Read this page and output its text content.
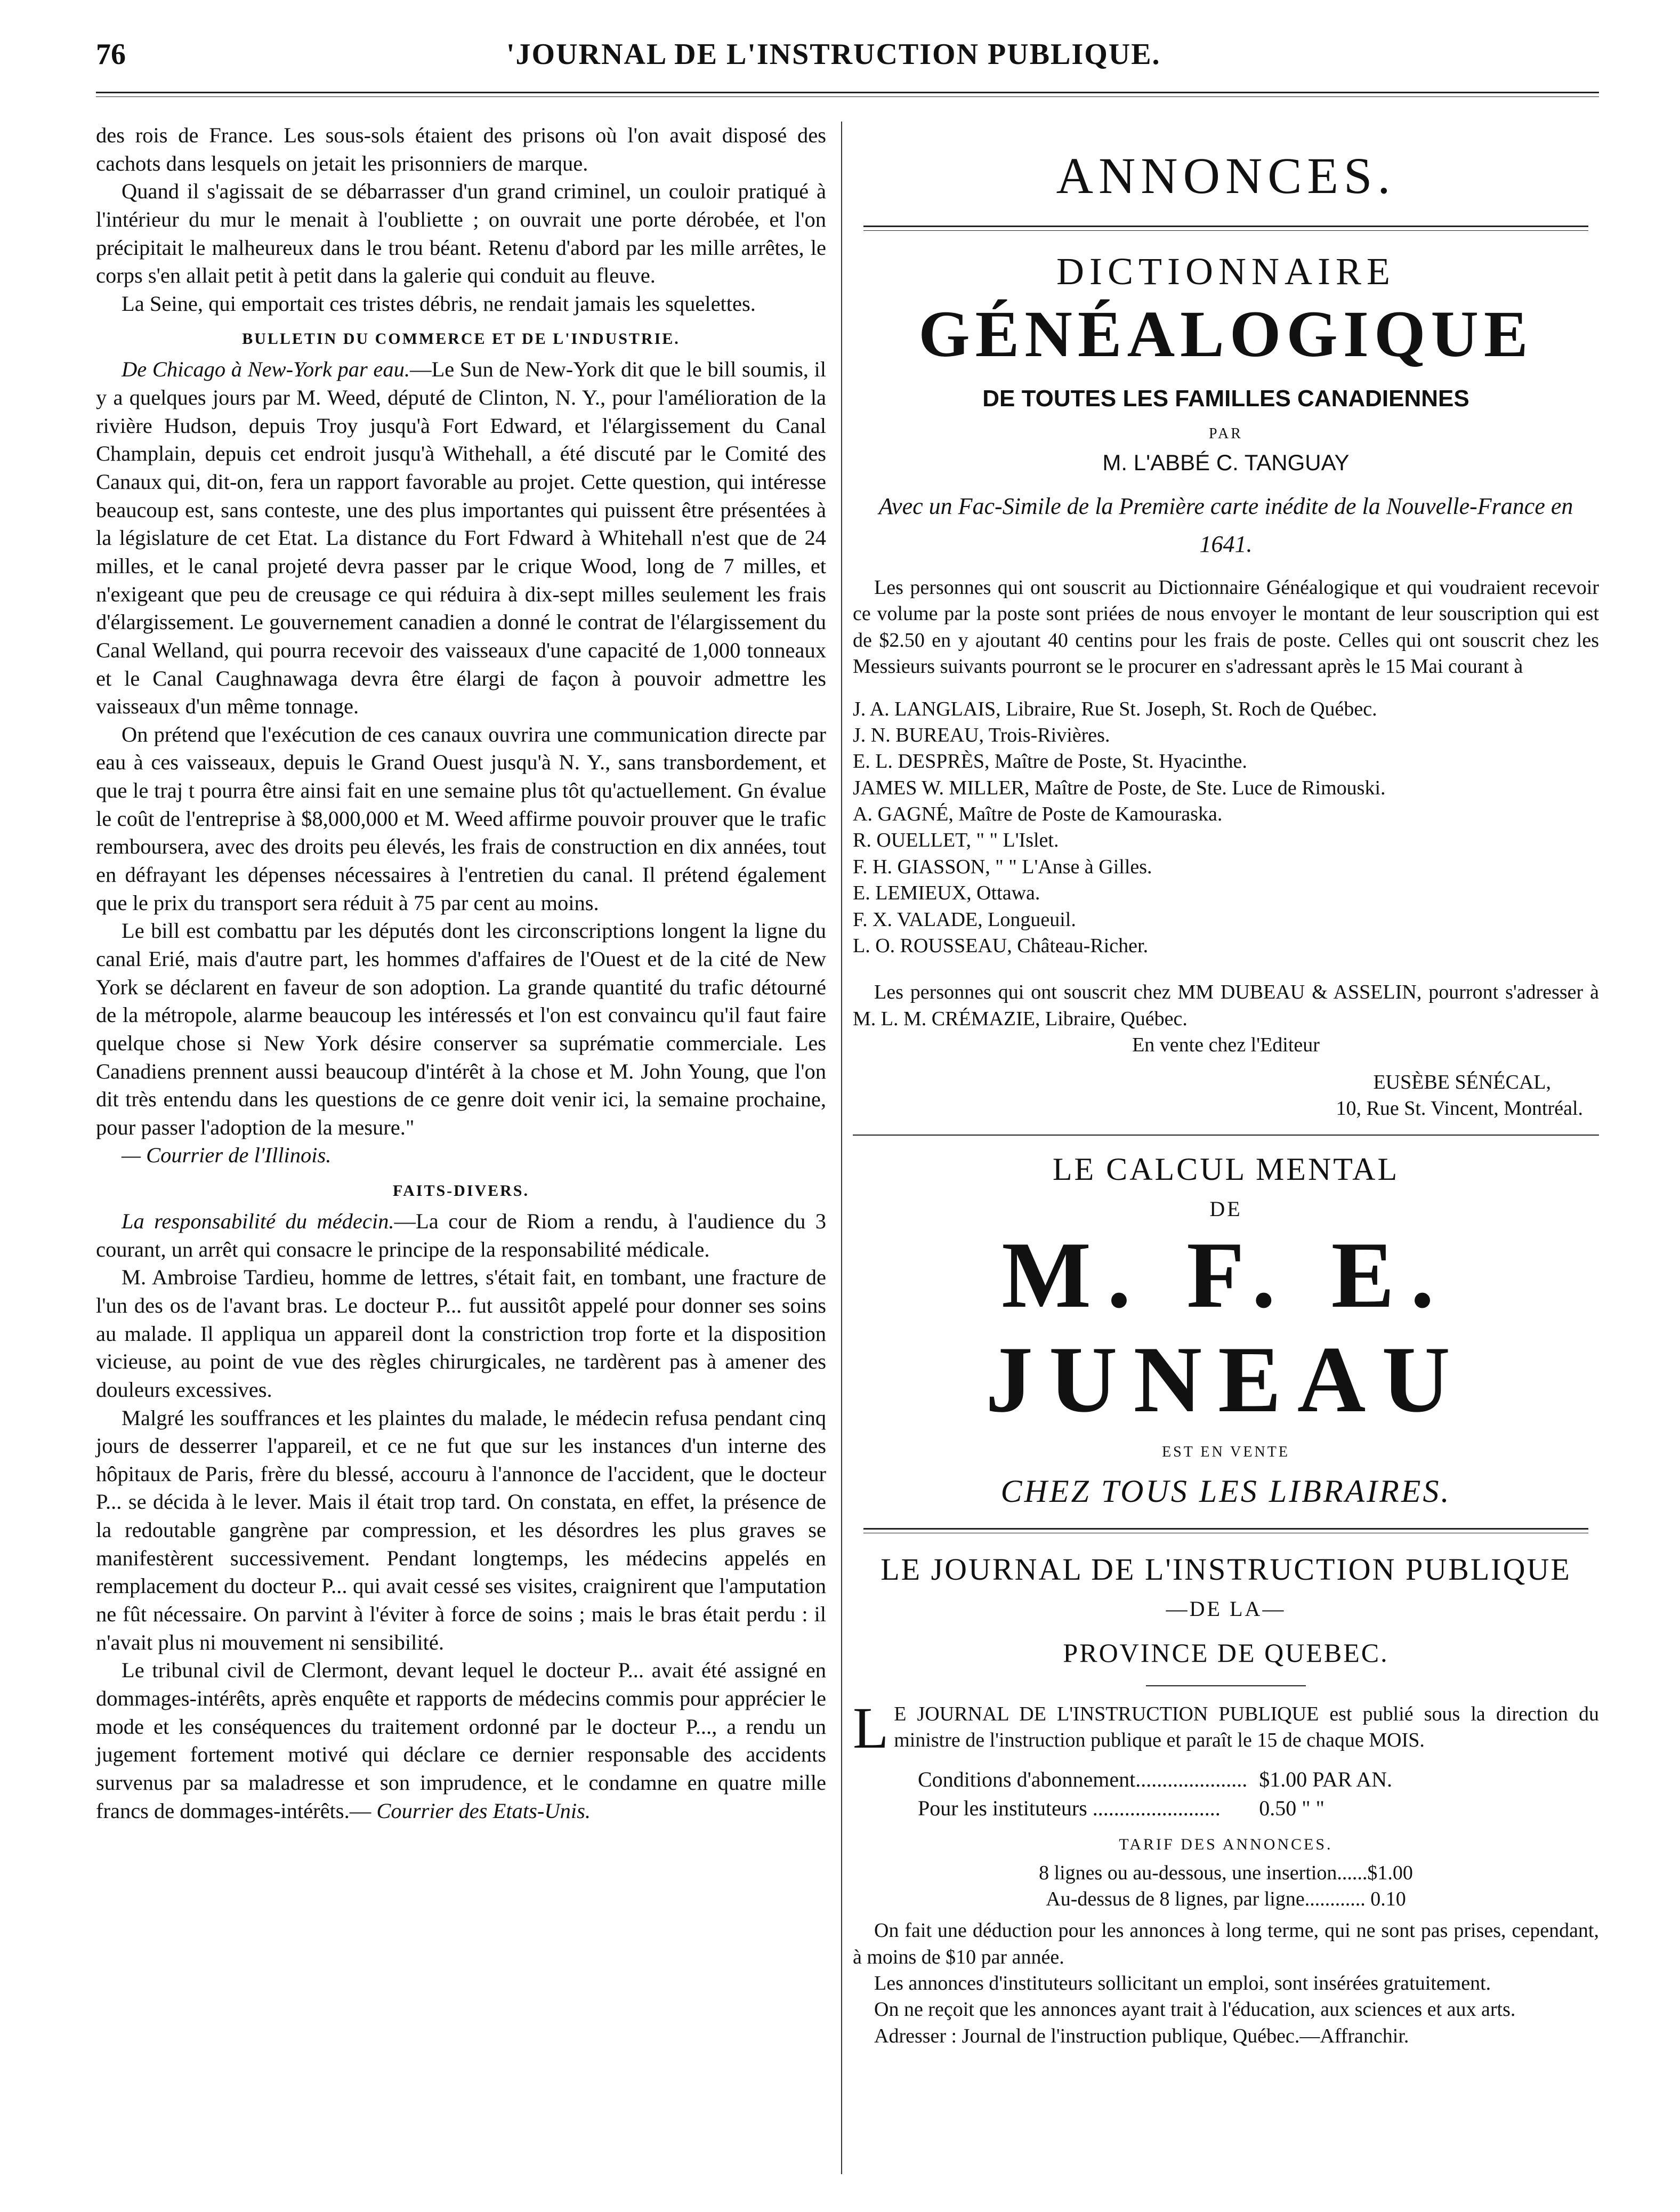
76	'JOURNAL DE L'INSTRUCTION PUBLIQUE.

des rois de France. Les sous-sols étaient des prisons où l'on avait disposé des cachots dans lesquels on jetait les prisonniers de marque.

Quand il s'agissait de se débarrasser d'un grand criminel, un couloir pratiqué à l'intérieur du mur le menait à l'oubliette ; on ouvrait une porte dérobée, et l'on précipitait le malheureux dans le trou béant. Retenu d'abord par les mille arrêtes, le corps s'en allait petit à petit dans la galerie qui conduit au fleuve.

La Seine, qui emportait ces tristes débris, ne rendait jamais les squelettes.

BULLETIN DU COMMERCE ET DE L'INDUSTRIE.

De Chicago à New-York par eau.—Le Sun de New-York dit que le bill soumis, il y a quelques jours par M. Weed, député de Clinton, N. Y., pour l'amélioration de la rivière Hudson, depuis Troy jusqu'à Fort Edward, et l'élargissement du Canal Champlain, depuis cet endroit jusqu'à Withehall, a été discuté par le Comité des Canaux qui, dit-on, fera un rapport favorable au projet. Cette question, qui intéresse beaucoup est, sans conteste, une des plus importantes qui puissent être présentées à la législature de cet Etat. La distance du Fort Fdward à Whitehall n'est que de 24 milles, et le canal projeté devra passer par le crique Wood, long de 7 milles, et n'exigeant que peu de creusage ce qui réduira à dix-sept milles seulement les frais d'élargissement. Le gouvernement canadien a donné le contrat de l'élargissement du Canal Welland, qui pourra recevoir des vaisseaux d'une capacité de 1,000 tonneaux et le Canal Caughnawaga devra être élargi de façon à pouvoir admettre les vaisseaux d'un même tonnage.

On prétend que l'exécution de ces canaux ouvrira une communication directe par eau à ces vaisseaux, depuis le Grand Ouest jusqu'à N. Y., sans transbordement, et que le traj t pourra être ainsi fait en une semaine plus tôt qu'actuellement. Gn évalue le coût de l'entreprise à $8,000,000 et M. Weed affirme pouvoir prouver que le trafic remboursera, avec des droits peu élevés, les frais de construction en dix années, tout en défrayant les dépenses nécessaires à l'entretien du canal. Il prétend également que le prix du transport sera réduit à 75 par cent au moins.

Le bill est combattu par les députés dont les circonscriptions longent la ligne du canal Erié, mais d'autre part, les hommes d'affaires de l'Ouest et de la cité de New York se déclarent en faveur de son adoption. La grande quantité du trafic détourné de la métropole, alarme beaucoup les intéressés et l'on est convaincu qu'il faut faire quelque chose si New York désire conserver sa suprématie commerciale. Les Canadiens prennent aussi beaucoup d'intérêt à la chose et M. John Young, que l'on dit très entendu dans les questions de ce genre doit venir ici, la semaine prochaine, pour passer l'adoption de la mesure."

— Courrier de l'Illinois.

FAITS-DIVERS.

La responsabilité du médecin.—La cour de Riom a rendu, à l'audience du 3 courant, un arrêt qui consacre le principe de la responsabilité médicale.

M. Ambroise Tardieu, homme de lettres, s'était fait, en tombant, une fracture de l'un des os de l'avant bras. Le docteur P... fut aussitôt appelé pour donner ses soins au malade. Il appliqua un appareil dont la constriction trop forte et la disposition vicieuse, au point de vue des règles chirurgicales, ne tardèrent pas à amener des douleurs excessives.

Malgré les souffrances et les plaintes du malade, le médecin refusa pendant cinq jours de desserrer l'appareil, et ce ne fut que sur les instances d'un interne des hôpitaux de Paris, frère du blessé, accouru à l'annonce de l'accident, que le docteur P... se décida à le lever. Mais il était trop tard. On constata, en effet, la présence de la redoutable gangrène par compression, et les désordres les plus graves se manifestèrent successivement. Pendant longtemps, les médecins appelés en remplacement du docteur P... qui avait cessé ses visites, craignirent que l'amputation ne fût nécessaire. On parvint à l'éviter à force de soins ; mais le bras était perdu : il n'avait plus ni mouvement ni sensibilité.

Le tribunal civil de Clermont, devant lequel le docteur P... avait été assigné en dommages-intérêts, après enquête et rapports de médecins commis pour apprécier le mode et les conséquences du traitement ordonné par le docteur P..., a rendu un jugement fortement motivé qui déclare ce dernier responsable des accidents survenus par sa maladresse et son imprudence, et le condamne en quatre mille francs de dommages-intérêts.— Courrier des Etats-Unis.

ANNONCES.
DICTIONNAIRE
GÉNÉALOGIQUE
DE TOUTES LES FAMILLES CANADIENNES
PAR
M. L'ABBÉ C. TANGUAY
Avec un Fac-Simile de la Première carte inédite de la Nouvelle-France en 1641.
Les personnes qui ont souscrit au Dictionnaire Généalogique et qui voudraient recevoir ce volume par la poste sont priées de nous envoyer le montant de leur souscription qui est de $2.50 en y ajoutant 40 centins pour les frais de poste. Celles qui ont souscrit chez les Messieurs suivants pourront se le procurer en s'adressant après le 15 Mai courant à
J. A. LANGLAIS, Libraire, Rue St. Joseph, St. Roch de Québec.
J. N. BUREAU, Trois-Rivières.
E. L. DESPRÈS, Maître de Poste, St. Hyacinthe.
JAMES W. MILLER, Maître de Poste, de Ste. Luce de Rimouski.
A. GAGNÉ, Maître de Poste de Kamouraska.
R. OUELLET, " " L'Islet.
F. H. GIASSON, " " L'Anse à Gilles.
E. LEMIEUX, Ottawa.
F. X. VALADE, Longueuil.
L. O. ROUSSEAU, Château-Richer.
Les personnes qui ont souscrit chez MM DUBEAU & ASSELIN, pourront s'adresser à M. L. M. CRÉMAZIE, Libraire, Québec.
En vente chez l'Editeur
EUSÈBE SÉNÉCAL,
10, Rue St. Vincent, Montréal.
LE CALCUL MENTAL
DE
M. F. E. JUNEAU
EST EN VENTE
CHEZ TOUS LES LIBRAIRES.
LE JOURNAL DE L'INSTRUCTION PUBLIQUE
—DE LA—
PROVINCE DE QUEBEC.
L E JOURNAL DE L'INSTRUCTION PUBLIQUE est publié sous la direction du ministre de l'instruction publique et paraît le 15 de chaque MOIS.
Conditions d'abonnement.....................	$1.00 PAR AN.
Pour les instituteurs ........................	0.50 " "
TARIF DES ANNONCES.
8 lignes ou au-dessous, une insertion......$1.00
Au-dessus de 8 lignes, par ligne............ 0.10
On fait une déduction pour les annonces à long terme, qui ne sont pas prises, cependant, à moins de $10 par année.
Les annonces d'instituteurs sollicitant un emploi, sont insérées gratuitement.
On ne reçoit que les annonces ayant trait à l'éducation, aux sciences et aux arts.
Adresser : Journal de l'instruction publique, Québec.—Affranchir.
